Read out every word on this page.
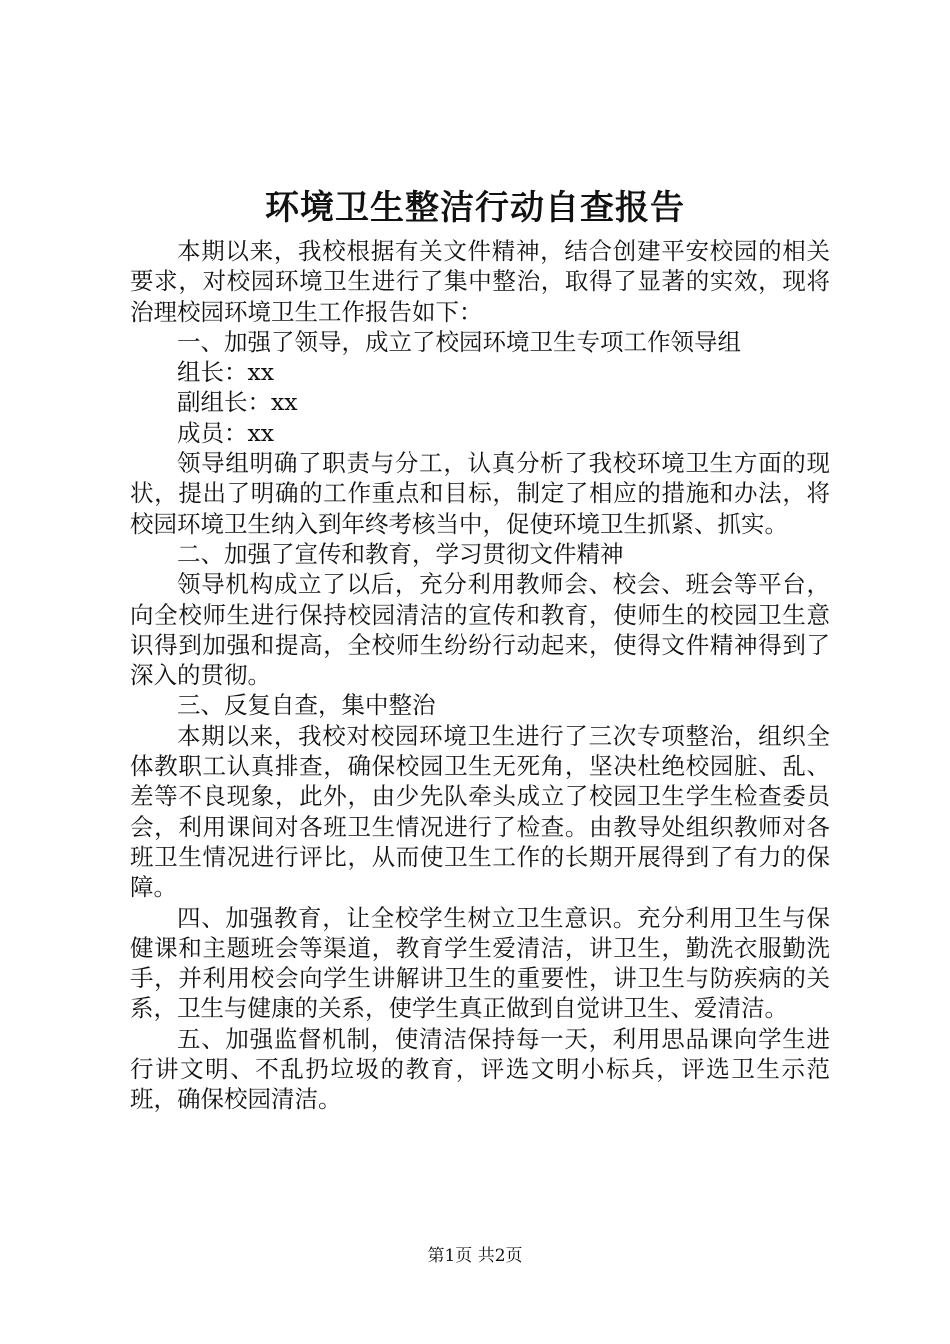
环境卫生整洁行动自查报告

本期以来，我校根据有关文件精神，结合创建平安校园的相关要求，对校园环境卫生进行了集中整治，取得了显著的实效，现将治理校园环境卫生工作报告如下：

一、加强了领导，成立了校园环境卫生专项工作领导组

组长：xx

副组长：xx

成员：xx

领导组明确了职责与分工，认真分析了我校环境卫生方面的现状，提出了明确的工作重点和目标，制定了相应的措施和办法，将校园环境卫生纳入到年终考核当中，促使环境卫生抓紧、抓实。

二、加强了宣传和教育，学习贯彻文件精神

领导机构成立了以后，充分利用教师会、校会、班会等平台，向全校师生进行保持校园清洁的宣传和教育，使师生的校园卫生意识得到加强和提高，全校师生纷纷行动起来，使得文件精神得到了深入的贯彻。

三、反复自查，集中整治

本期以来，我校对校园环境卫生进行了三次专项整治，组织全体教职工认真排查，确保校园卫生无死角，坚决杜绝校园脏、乱、差等不良现象，此外，由少先队牵头成立了校园卫生学生检查委员会，利用课间对各班卫生情况进行了检查。由教导处组织教师对各班卫生情况进行评比，从而使卫生工作的长期开展得到了有力的保障。

四、加强教育，让全校学生树立卫生意识。充分利用卫生与保健课和主题班会等渠道，教育学生爱清洁，讲卫生，勤洗衣服勤洗手，并利用校会向学生讲解讲卫生的重要性，讲卫生与防疾病的关系，卫生与健康的关系，使学生真正做到自觉讲卫生、爱清洁。

五、加强监督机制，使清洁保持每一天，利用思品课向学生进行讲文明、不乱扔垃圾的教育，评选文明小标兵，评选卫生示范班，确保校园清洁。

第1页 共2页
